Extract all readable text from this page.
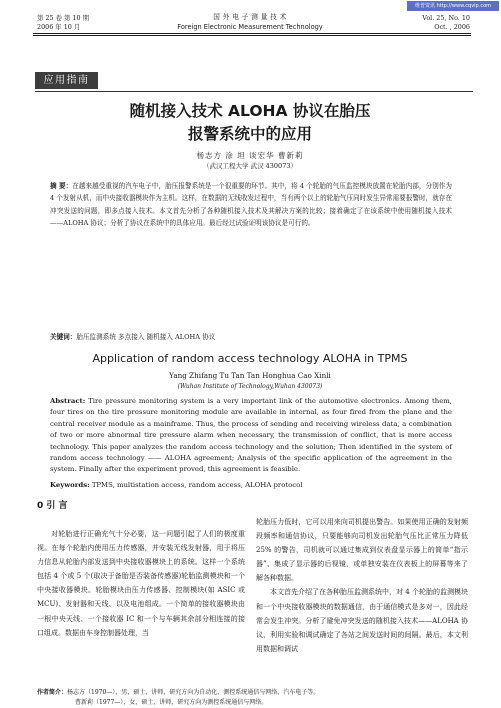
维普资讯 http://www.cqvip.com
第 25 卷 第 10 期
2006 年 10 月
国 外 电 子 测 量 技 术
Foreign Electronic Measurement Technology
Vol. 25, No. 10
Oct. , 2006
应用指南
随机接入技术 ALOHA 协议在胎压
报警系统中的应用
杨志方 涂 坦 谈宏华 曹新莉
（武汉工程大学 武汉 430073）
摘 要：在越来越受重视的汽车电子中，胎压报警系统是一个很重要的环节。其中，将 4 个轮胎的气压监控模块放置在轮胎内部，分别作为 4 个发射从机，而中央接收器模块作为主机。这样，在数据的无线收发过程中，当有两个以上的轮胎气压同时发生异常需要报警时，就存在冲突发送的问题，即多点接入技术。本文首先分析了各种随机接入技术及其解决方案的比较；接着确定了在该系统中使用随机接入技术——ALOHA 协议；分析了协议在系统中的具体应用。最后经过试验证明该协议是可行的。
关键词：胎压监测系统 多点接入 随机接入 ALOHA 协议
Application of random access technology ALOHA in TPMS
Yang Zhifang Tu Tan Tan Honghua Cao Xinli
(Wuhan Institute of Technology,Wuhan 430073)
Abstract: Tire pressure monitoring system is a very important link of the automotive electronics. Among them, four tires on the tire pressure monitoring module are available in internal, as four fired from the plane and the central receiver module as a mainframe. Thus, the process of sending and receiving wireless data, a combination of two or more abnormal tire pressure alarm when necessary, the transmission of conflict, that is more access technology. This paper analyzes the random access technology and the solution; Then identified in the system of random access technology —— ALOHA agreement; Analysis of the specific application of the agreement in the system. Finally after the experiment proved, this agreement is feasible.
Keywords: TPMS, multistation access, random access, ALOHA protocol
0 引 言
对轮胎进行正确充气十分必要，这一问题引起了人们的极度重视。在每个轮胎内使用压力传感器，并安装无线发射器，用于将压力信息从轮胎内部发送到中央接收器模块上的系统。这样一个系统包括 4 个或 5 个(取决于备胎是否装备传感器)轮胎监测模块和一个中央接收器模块。轮胎模块由压力传感器、控制模块(如 ASIC 或 MCU)、发射器和天线、以及电池组成。一个简单的接收器模块由一根中央天线、一个接收器 IC 和一个与车辆其余部分相连接的接口组成。数据由车身控制器处理，当
轮胎压力低时，它可以用来向司机提出警告。如果使用正确的发射频段频率和通信协议，只要能够向司机发出轮胎气压比正常压力降低 25% 的警告，司机就可以通过集成到仪表盘显示器上的简单“指示器”、集成了显示器的后视镜，或单独安装在仪表板上的屏幕等来了解各种数据。
本文首先介绍了在各种胎压监测系统中，对 4 个轮胎的监测模块和一个中央接收器模块的数据通信，由于通信模式是多对一，因此经常会发生冲突。分析了避免冲突发送的随机接入技术——ALOHA 协议，利用实验和调试确定了各站之间发送时间的间隔。最后，本文利用数据和调试
作者简介：杨志方（1970—），男，硕士，讲师，研究方向为自动化、测控系统通信与网络、汽车电子等。
曹新莉（1977—），女，硕士，讲师，研究方向为测控系统通信与网络。
